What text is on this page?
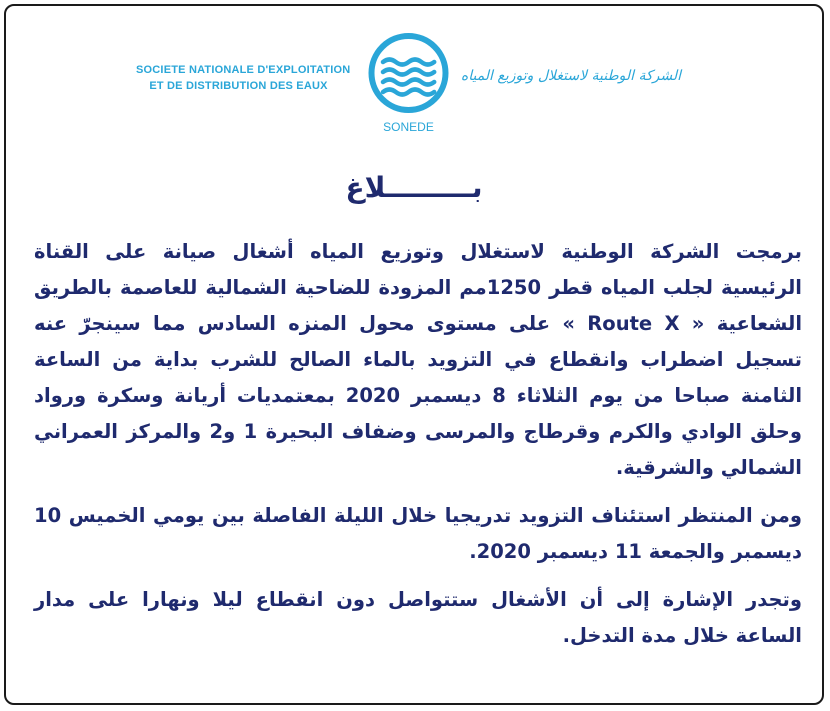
SOCIETE NATIONALE D'EXPLOITATION
ET DE DISTRIBUTION DES EAUX
SONEDE
الشركة الوطنية لاستغلال وتوزيع المياه
بـــــــــلاغ

برمجت الشركة الوطنية لاستغلال وتوزيع المياه أشغال صيانة على القناة الرئيسية لجلب المياه قطر 1250مم المزودة للضاحية الشمالية للعاصمة بالطريق الشعاعية « Route X » على مستوى محول المنزه السادس مما سينجرّ عنه تسجيل اضطراب وانقطاع في التزويد بالماء الصالح للشرب بداية من الساعة الثامنة صباحا من يوم الثلاثاء 8 ديسمبر 2020 بمعتمديات أريانة وسكرة ورواد وحلق الوادي والكرم وقرطاج والمرسى وضفاف البحيرة 1 و2 والمركز العمراني الشمالي والشرقية.

ومن المنتظر استئناف التزويد تدريجيا خلال الليلة الفاصلة بين يومي الخميس 10 ديسمبر والجمعة 11 ديسمبر 2020.

وتجدر الإشارة إلى أن الأشغال ستتواصل دون انقطاع ليلا ونهارا على مدار الساعة خلال مدة التدخل.
